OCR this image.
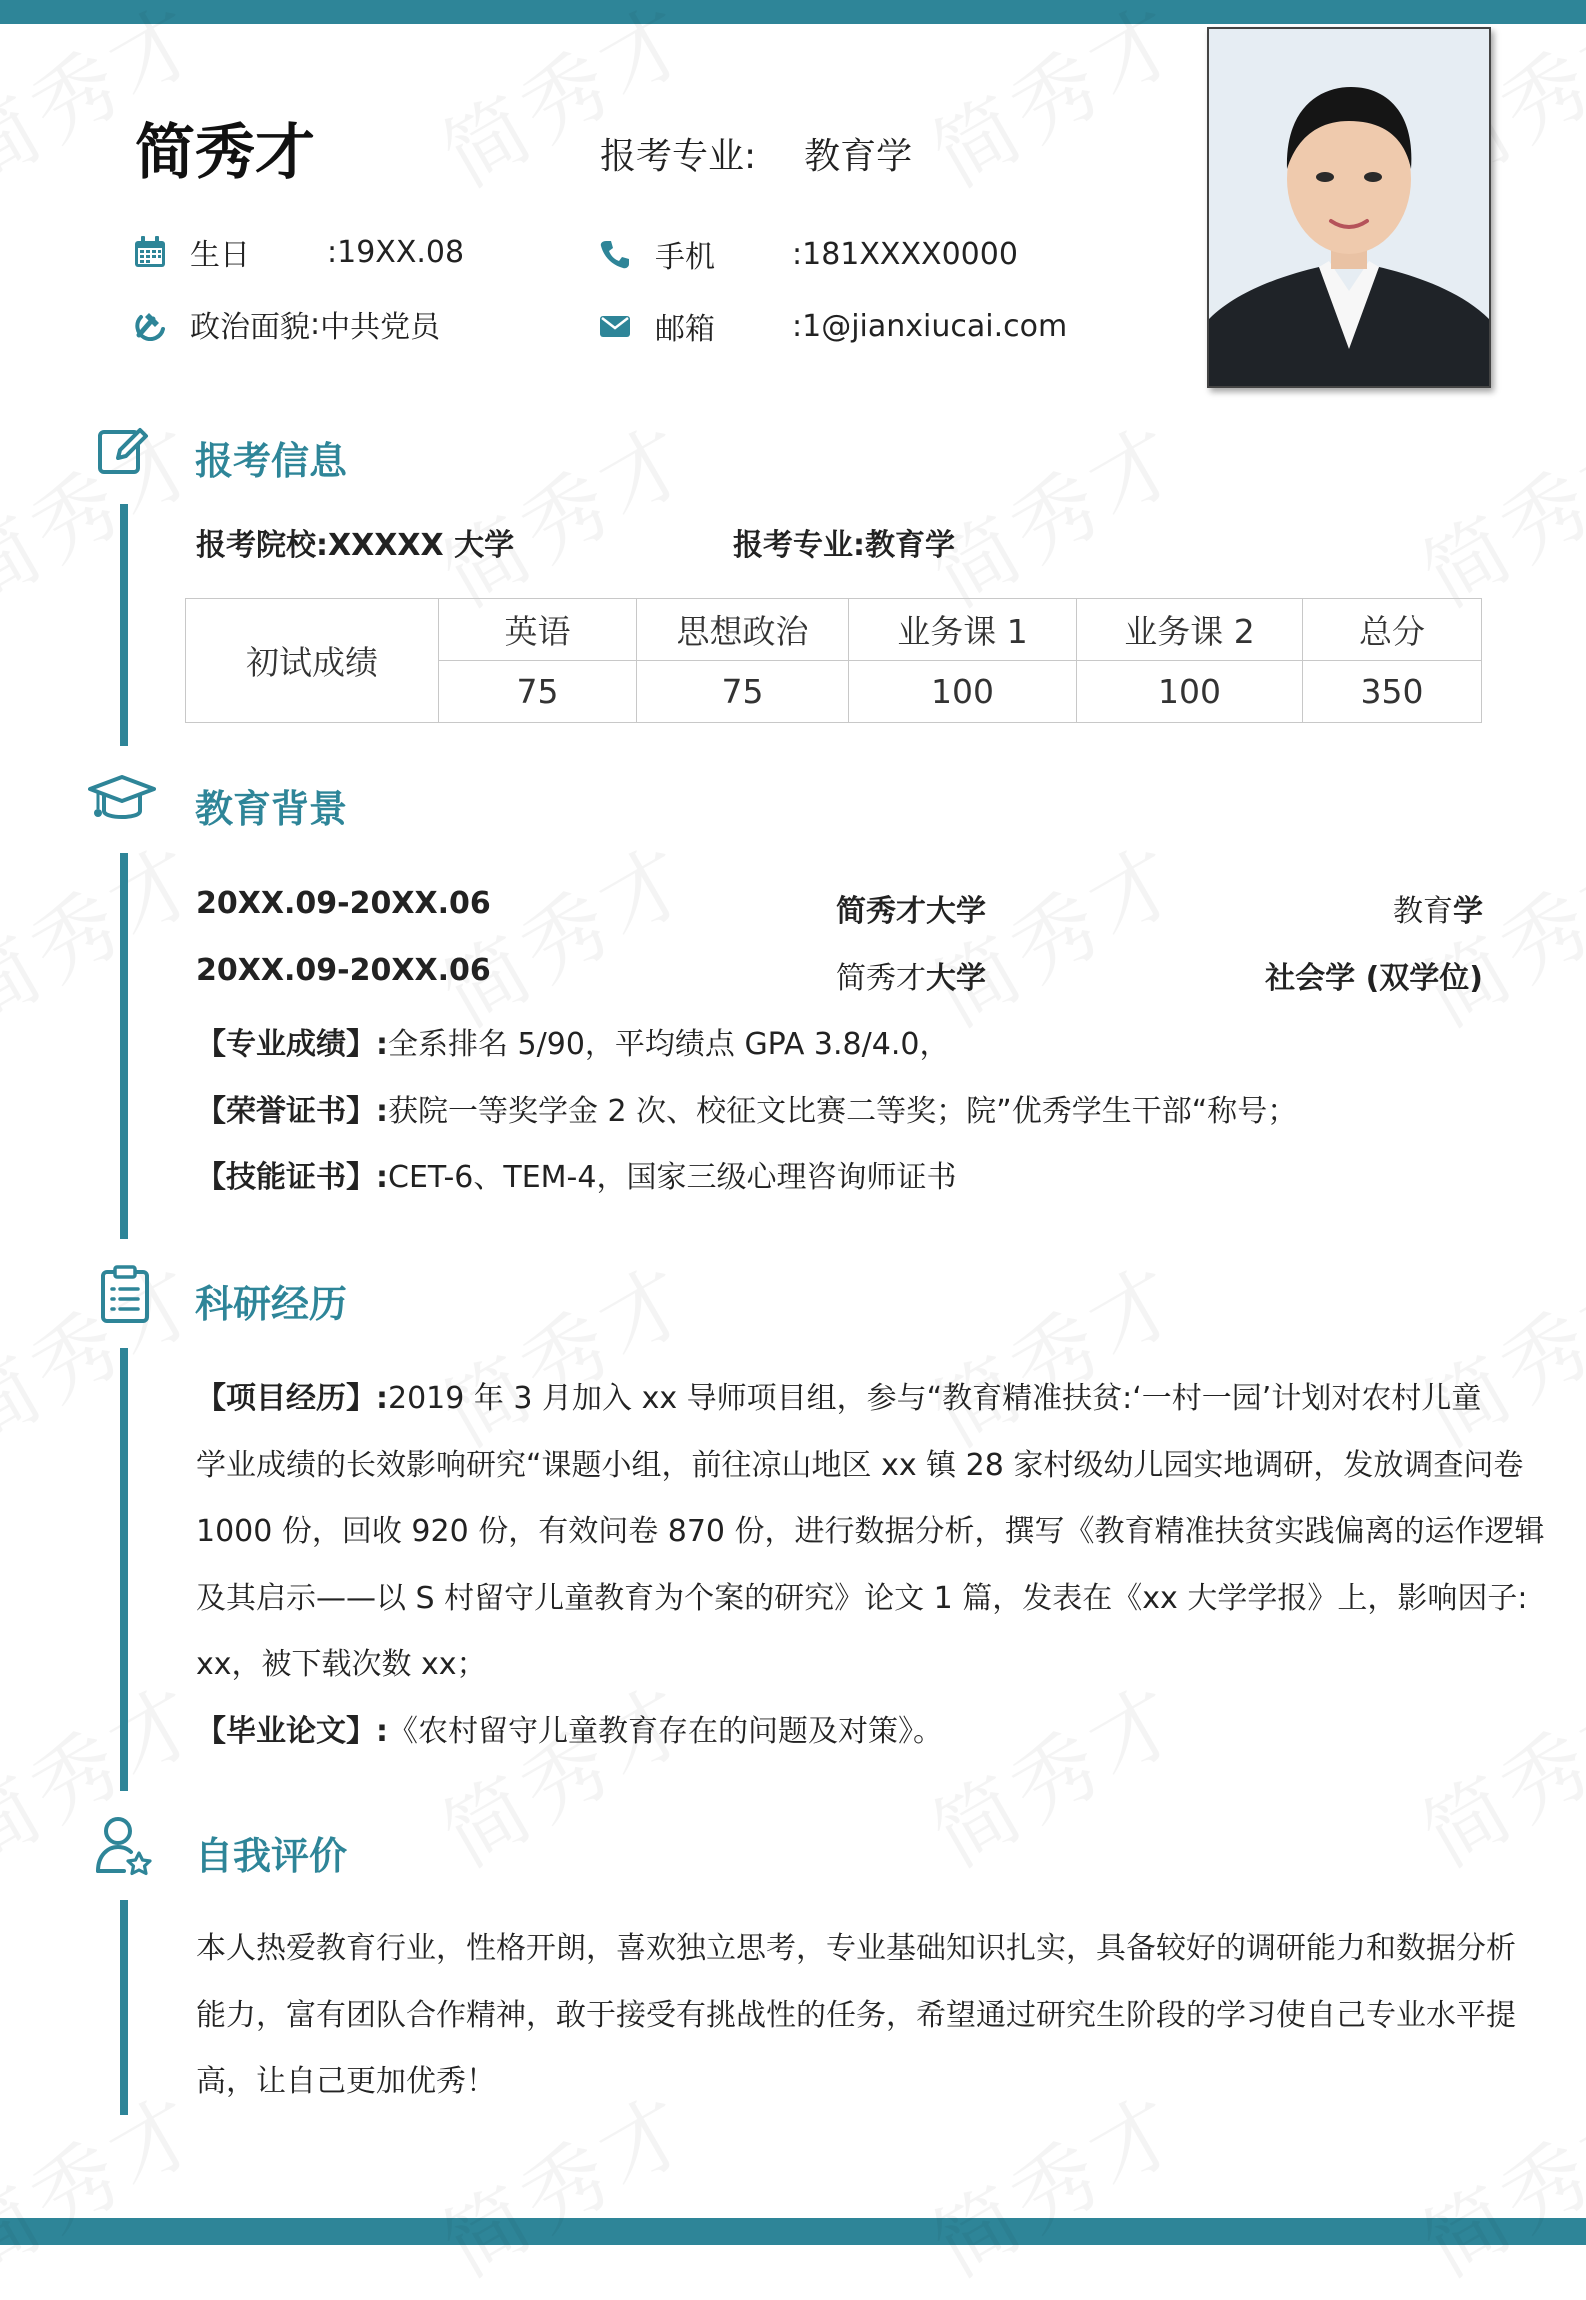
简秀才	报考专业: 教育学
生日	: 19XX.08
政治面貌 : 中共党员
手机	: 181XXXX0000
邮箱	: 1@jianxiucai.com
报考信息
报考院校:XXXXX 大学	报考专业:教育学
初试成绩	英语	思想政治	业务课 1	业务课 2	总分
	75	75	100	100	350
教育背景
20XX.09-20XX.06	简秀才大学	教育学
20XX.09-20XX.06	简秀才大学	社会学 (双学位)
【专业成绩】:全系排名 5/90，平均绩点 GPA 3.8/4.0，
【荣誉证书】:获院一等奖学金 2 次、校征文比赛二等奖；院”优秀学生干部“称号；
【技能证书】:CET-6、TEM-4，国家三级心理咨询师证书
科研经历
【项目经历】:2019 年 3 月加入 xx 导师项目组，参与“教育精准扶贫:‘一村一园’计划对农村儿童
学业成绩的长效影响研究“课题小组，前往凉山地区 xx 镇 28 家村级幼儿园实地调研，发放调查问卷
1000 份，回收 920 份，有效问卷 870 份，进行数据分析，撰写《教育精准扶贫实践偏离的运作逻辑
及其启示——以 S 村留守儿童教育为个案的研究》论文 1 篇，发表在《xx 大学学报》上，影响因子:
xx，被下载次数 xx；
【毕业论文】:《农村留守儿童教育存在的问题及对策》。
自我评价
本人热爱教育行业，性格开朗，喜欢独立思考，专业基础知识扎实，具备较好的调研能力和数据分析
能力，富有团队合作精神，敢于接受有挑战性的任务，希望通过研究生阶段的学习使自己专业水平提
高，让自己更加优秀！
